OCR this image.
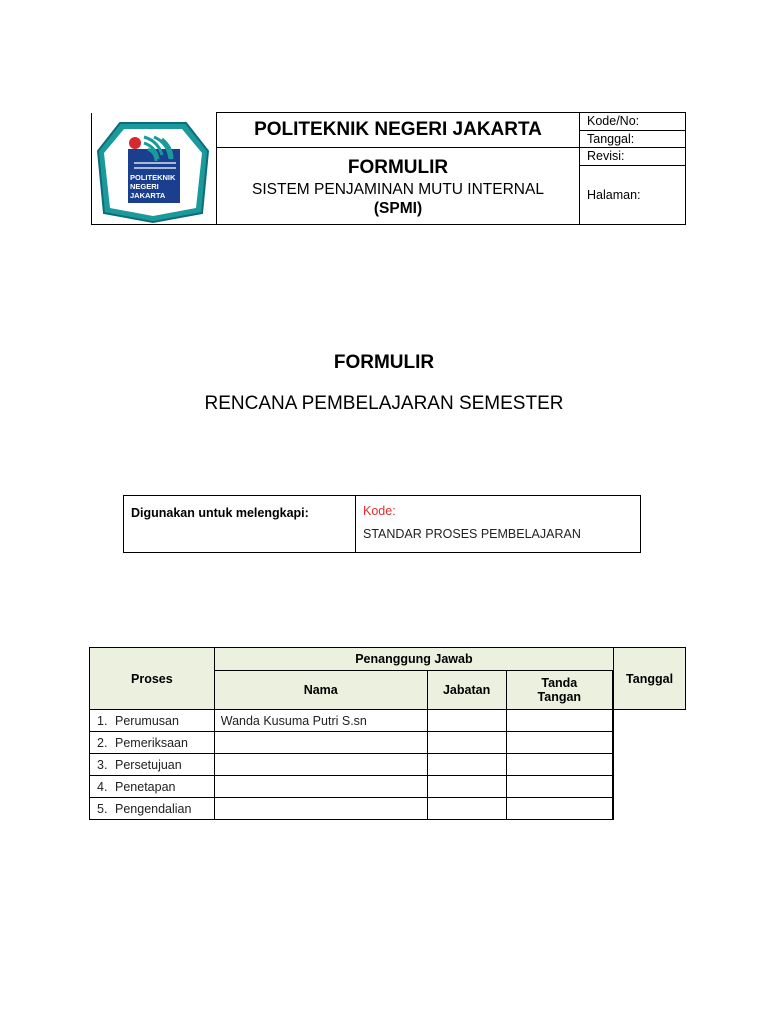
POLITEKNIK
NEGERI
JAKARTA	POLITEKNIK NEGERI JAKARTA	Kode/No:
		Tanggal:

	FORMULIR
SISTEM PENJAMINAN MUTU INTERNAL
(SPMI)	Revisi:
		Halaman:
FORMULIR
RENCANA PEMBELAJARAN SEMESTER
Digunakan untuk melengkapi:	Kode:
STANDAR PROSES PEMBELAJARAN
Proses	Penanggung Jawab			Tanggal
	Nama	Jabatan	Tanda
Tangan	

1. Perumusan	Wanda Kusuma Putri S.sn			
2. Pemeriksaan				
3. Persetujuan				
4. Penetapan				
5. Pengendalian				
